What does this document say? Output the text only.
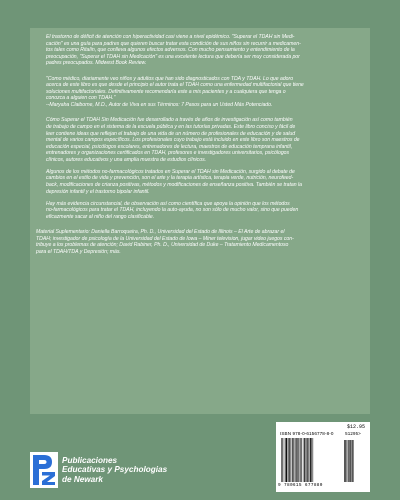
El trastorno de déficit de atención con hiperactividad casi viene a nivel epidémico. "Superar el TDAH sin Medi-
cación" es una guía para padres que quieren buscar tratar esta condición de sus niños sin recurrir a medicamen-
tos tales como Ritalín, que conlleva algunos efectos adversos. Con mucho pensamiento y entendimiento de la
preocupación, "Superar el TDAH sin Medicación" es una excelente lectura que debería ser muy considerada por
padres preocupados. Midwest Book Review.

"Como médico, diariamente veo niños y adultos que han sido diagnosticados con TDA y TDAH. Lo que adoro
acerca de este libro es que desde el principio el autor trata el TDAH como una enfermedad multifactorial que tiene
soluciones multifactoriales. Definitivamente recomendaría este a mis pacientes y a cualquiera que tenga o
conozca a alguien con TDAH."
--Maryaha Claiborne, M.D., Autor de Viva en sus Términos: 7 Pasos para un Usted Más Potenciado.

Cómo Superar el TDAH Sin Medicación fue desarrollado a través de años de investigación así como también
de trabajo de campo en el sistema de la escuela pública y en las tutorías privadas. Este libro conciso y fácil de
leer contiene ideas que reflejan el trabajo de una vida de un número de profesionales de educación y de salud
mental de varios campos específicos. Los profesionales cuyo trabajo está incluido en este libro son maestros de
educación especial, psicólogos escolares, entrenadores de lectura, maestros de educación temprana infantil,
entrenadores y organizaciones certificados en TDAH, profesores e investigadores universitarios, psicólogos
clínicos, autores educativos y una amplia muestra de estudios clínicos.

Algunos de los métodos no-farmacológicos tratados en Superar el TDAH sin Medicación, surgido al debate de
cambios en el estilo de vida y prevención, son el arte y la terapia artística, terapia verde, nutrición, neurofeed-
back, modificaciones de crianza positivas, métodos y modificaciones de enseñanza positiva. También se tratan la
depresión infantil y el trastorno bipolar infantil.

Hay más evidencia circunstancial, de observación así como científica que apoya la opinión que los métodos
no-farmacológicos para tratar el TDAH, incluyendo la auto-ayuda, no son sólo de mucho valor, sino que pueden
eficazmente sacar al niño del rango clasificable.

Material Suplementario: Daniella Barroqueira, Ph. D., Universidad del Estado de Illinois – El Arte de abrazar el
TDAH; investigador de psicología de la Universidad del Estado de Iowa – Miner television, jugar video juegos con-
tribuye a los problemas de atención; David Rabiner, Ph. D., Universidad de Duke – Tratamiento Medicamentoso
para el TDAH/TDA y Depresión; más.

$12.95
ISBN 978-0-6156778-8-0	51295>
9 780615 677880
Publicaciones
Educativas y Psychologias
de Newark
